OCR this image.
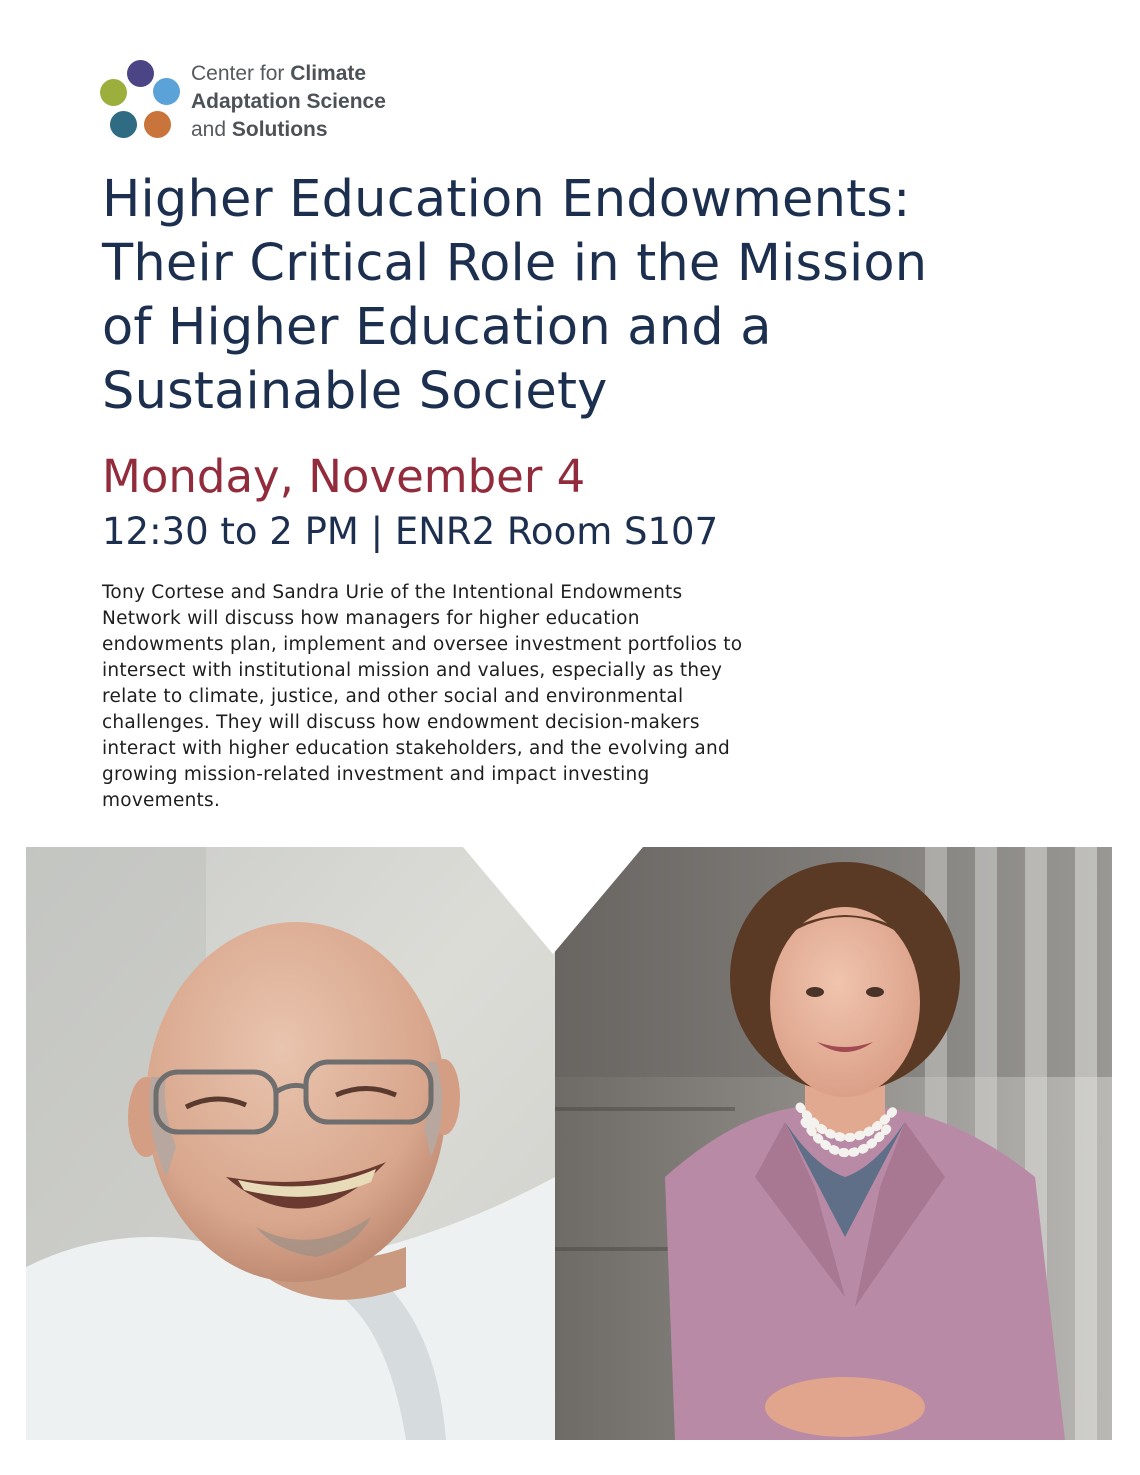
Center for Climate
Adaptation Science
and Solutions
Higher Education Endowments:
Their Critical Role in the Mission
of Higher Education and a
Sustainable Society
Monday, November 4
12:30 to 2 PM | ENR2 Room S107
Tony Cortese and Sandra Urie of the Intentional Endowments
Network will discuss how managers for higher education
endowments plan, implement and oversee investment portfolios to
intersect with institutional mission and values, especially as they
relate to climate, justice, and other social and environmental
challenges. They will discuss how endowment decision-makers
interact with higher education stakeholders, and the evolving and
growing mission-related investment and impact investing
movements.
